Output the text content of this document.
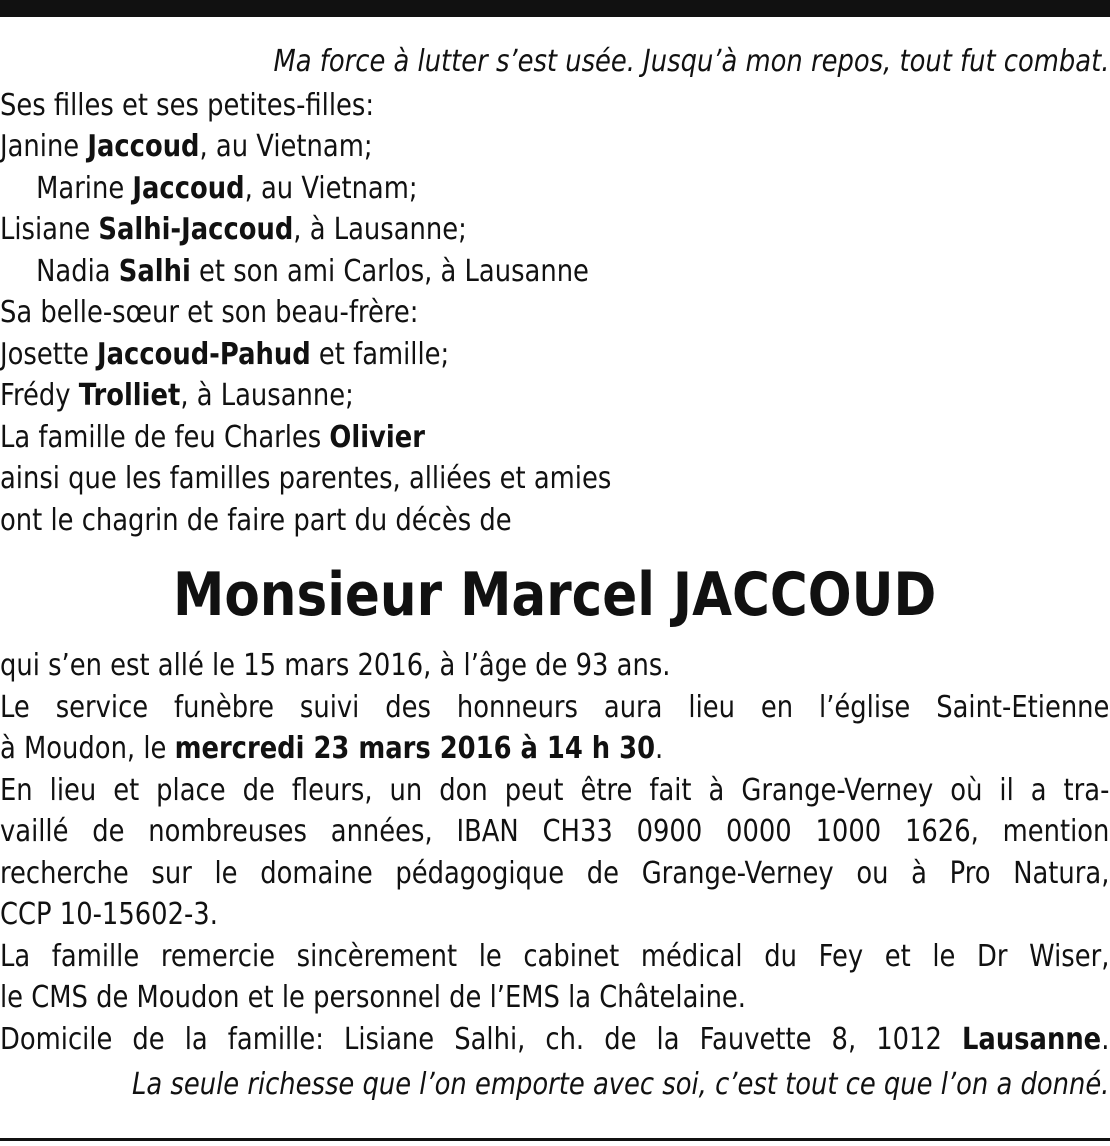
Ma force à lutter s’est usée. Jusqu’à mon repos, tout fut combat.

Ses filles et ses petites-filles:

Janine Jaccoud, au Vietnam;

Marine Jaccoud, au Vietnam;

Lisiane Salhi-Jaccoud, à Lausanne;

Nadia Salhi et son ami Carlos, à Lausanne

Sa belle-sœur et son beau-frère:

Josette Jaccoud-Pahud et famille;

Frédy Trolliet, à Lausanne;

La famille de feu Charles Olivier

ainsi que les familles parentes, alliées et amies

ont le chagrin de faire part du décès de

Monsieur Marcel JACCOUD

qui s’en est allé le 15 mars 2016, à l’âge de 93 ans.

Le service funèbre suivi des honneurs aura lieu en l’église Saint-Etienne

à Moudon, le mercredi 23 mars 2016 à 14 h 30.

En lieu et place de fleurs, un don peut être fait à Grange-Verney où il a tra-

vaillé de nombreuses années, IBAN CH33 0900 0000 1000 1626, mention

recherche sur le domaine pédagogique de Grange-Verney ou à Pro Natura,

CCP 10-15602-3.

La famille remercie sincèrement le cabinet médical du Fey et le Dr Wiser,

le CMS de Moudon et le personnel de l’EMS la Châtelaine.

Domicile de la famille: Lisiane Salhi, ch. de la Fauvette 8, 1012 Lausanne.

La seule richesse que l’on emporte avec soi, c’est tout ce que l’on a donné.
